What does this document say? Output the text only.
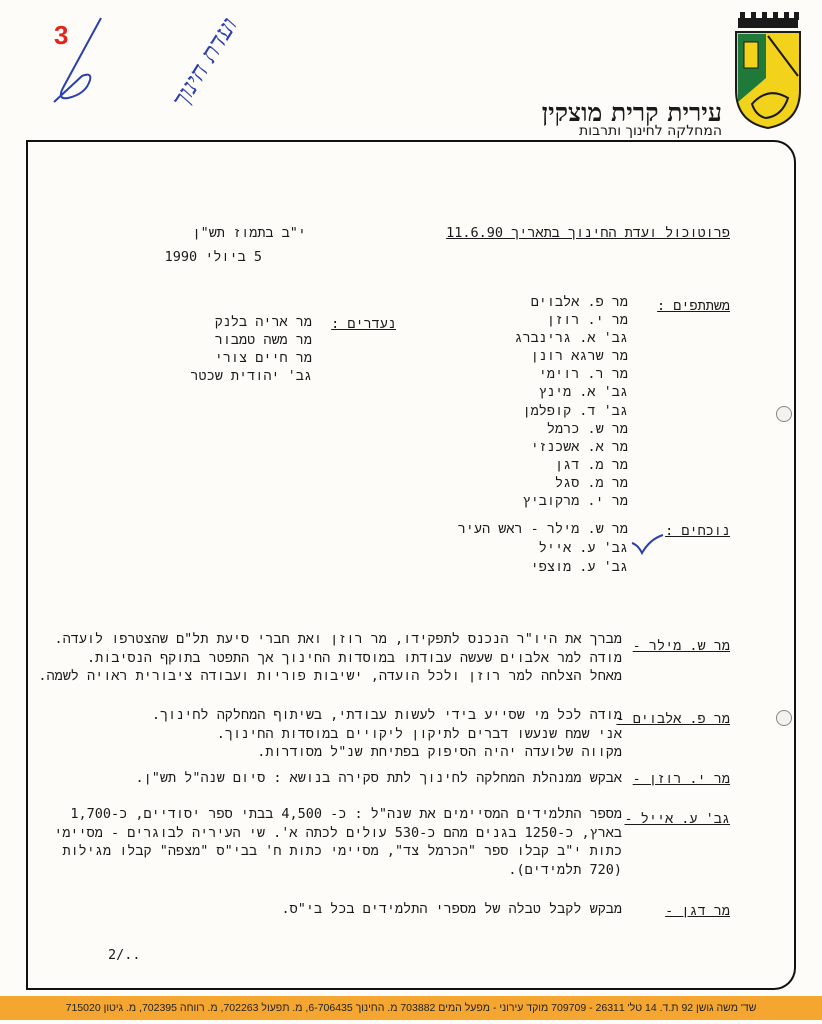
3	ועדת חינוך	עירית קרית מוצקין
המחלקה לחינוך ותרבות
פרוטוכול ועדת החינוך בתאריך 11.6.90
י"ב בתמוז תש"ן
5 ביולי 1990
משתתפים :
מר פ. אלבוים
מר י. רוזן
גב' א. גרינברג
מר שרגא רונן
מר ר. רוימי
גב' א. מינץ
גב' ד. קופלמן
מר ש. כרמל
מר א. אשכנזי
מר מ. דגן
מר מ. סגל
מר י. מרקוביץ
נעדרים :
מר אריה בלנק
מר משה טמבור
מר חיים צורי
גב' יהודית שכטר
נוכחים :
מר ש. מילר - ראש העיר
גב' ע. אייל
גב' ע. מוצפי
מר ש. מילר -
מברך את היו"ר הנכנס לתפקידו, מר רוזן ואת חברי סיעת תל"ם שהצטרפו לועדה.
מודה למר אלבוים שעשה עבודתו במוסדות החינוך אך התפטר בתוקף הנסיבות.
מאחל הצלחה למר רוזן ולכל הועדה, ישיבות פוריות ועבודה ציבורית ראויה לשמה.
מר פ. אלבוים -
מודה לכל מי שסייע בידי לעשות עבודתי, בשיתוף המחלקה לחינוך.
אני שמח שנעשו דברים לתיקון ליקויים במוסדות החינוך.
מקווה שלועדה יהיה הסיפוק בפתיחת שנ"ל מסודרות.
מר י. רוזן -
אבקש ממנהלת המחלקה לחינוך לתת סקירה בנושא : סיום שנה"ל תש"ן.
גב' ע. אייל -
מספר התלמידים המסיימים את שנה"ל : כ- 4,500 בבתי ספר יסודיים, כ-1,700
בארץ, כ-1250 בגנים מהם כ-530 עולים לכתה א'. שי העיריה לבוגרים - מסיימי
כתות י"ב קבלו ספר "הכרמל צד", מסיימי כתות ח' בבי"ס "מצפה" קבלו מגילות
(720 תלמידים).
מר דגן -
מבקש לקבל טבלה של מספרי התלמידים בכל בי"ס.
2/..
שד' משה גושן 92 ת.ד. 14 טל' 26311 - 709709 מוקד עירוני - מפעל המים 703882 מ. החינוך 6-706435, מ. תפעול 702263, מ. רווחה 702395, מ. גיטון 715020
